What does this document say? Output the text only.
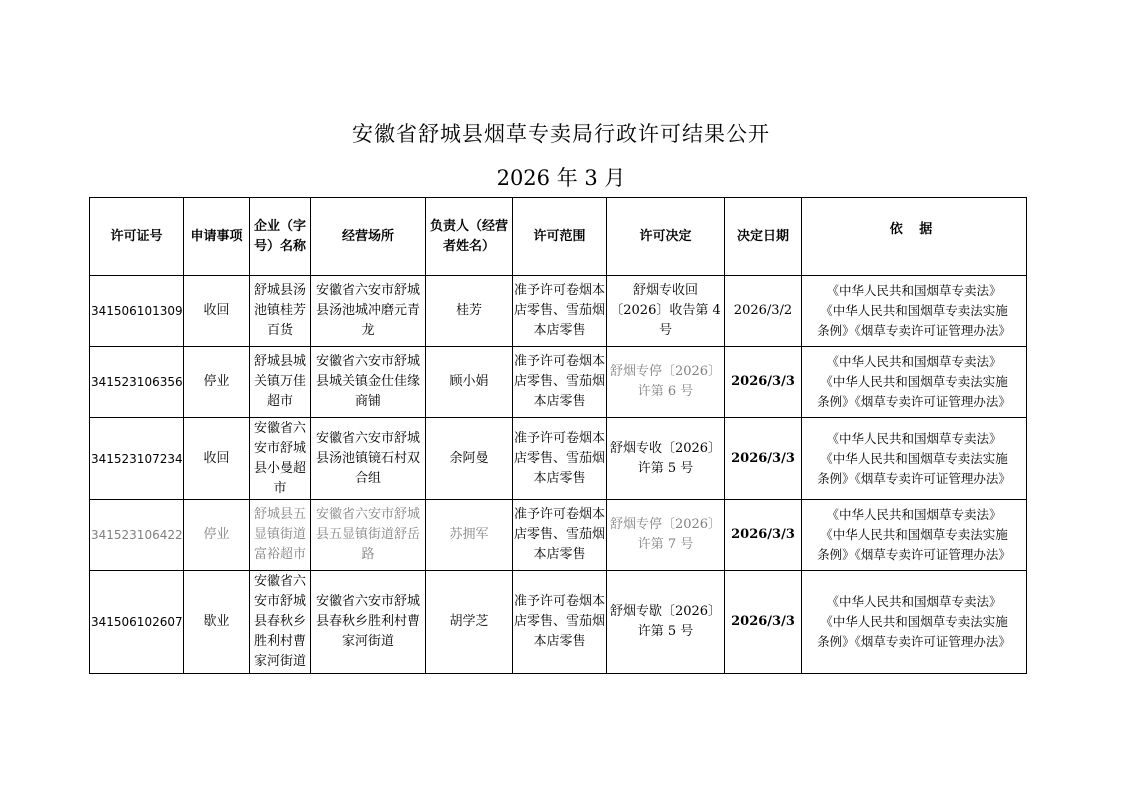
安徽省舒城县烟草专卖局行政许可结果公开
2026 年 3 月
许可证号	申请事项	企业（字号）名称	经营场所	负责人（经营者姓名）	许可范围	许可决定	决定日期	依 据
341506101309	收回	舒城县汤池镇桂芳百货	安徽省六安市舒城县汤池城冲磨元青龙	桂芳	准予许可卷烟本店零售、雪茄烟本店零售	舒烟专收回〔2026〕收告第 4 号	2026/3/2	《中华人民共和国烟草专卖法》
《中华人民共和国烟草专卖法实施
条例》《烟草专卖许可证管理办法》

341523106356	停业	舒城县城关镇万佳超市	安徽省六安市舒城县城关镇金仕佳缘商铺	顾小娟	准予许可卷烟本店零售、雪茄烟本店零售	舒烟专停〔2026〕许第 6 号	2026/3/3	《中华人民共和国烟草专卖法》
《中华人民共和国烟草专卖法实施
条例》《烟草专卖许可证管理办法》

341523107234	收回	安徽省六安市舒城县小曼超市	安徽省六安市舒城县汤池镇镜石村双合组	余阿曼	准予许可卷烟本店零售、雪茄烟本店零售	舒烟专收〔2026〕许第 5 号	2026/3/3	《中华人民共和国烟草专卖法》
《中华人民共和国烟草专卖法实施
条例》《烟草专卖许可证管理办法》

341523106422	停业	舒城县五显镇街道富裕超市	安徽省六安市舒城县五显镇街道舒岳路	苏拥军	准予许可卷烟本店零售、雪茄烟本店零售	舒烟专停〔2026〕许第 7 号	2026/3/3	《中华人民共和国烟草专卖法》
《中华人民共和国烟草专卖法实施
条例》《烟草专卖许可证管理办法》

341506102607	歇业	安徽省六安市舒城县春秋乡胜利村曹家河街道	安徽省六安市舒城县春秋乡胜利村曹家河街道	胡学芝	准予许可卷烟本店零售、雪茄烟本店零售	舒烟专歇〔2026〕许第 5 号	2026/3/3	《中华人民共和国烟草专卖法》
《中华人民共和国烟草专卖法实施
条例》《烟草专卖许可证管理办法》
